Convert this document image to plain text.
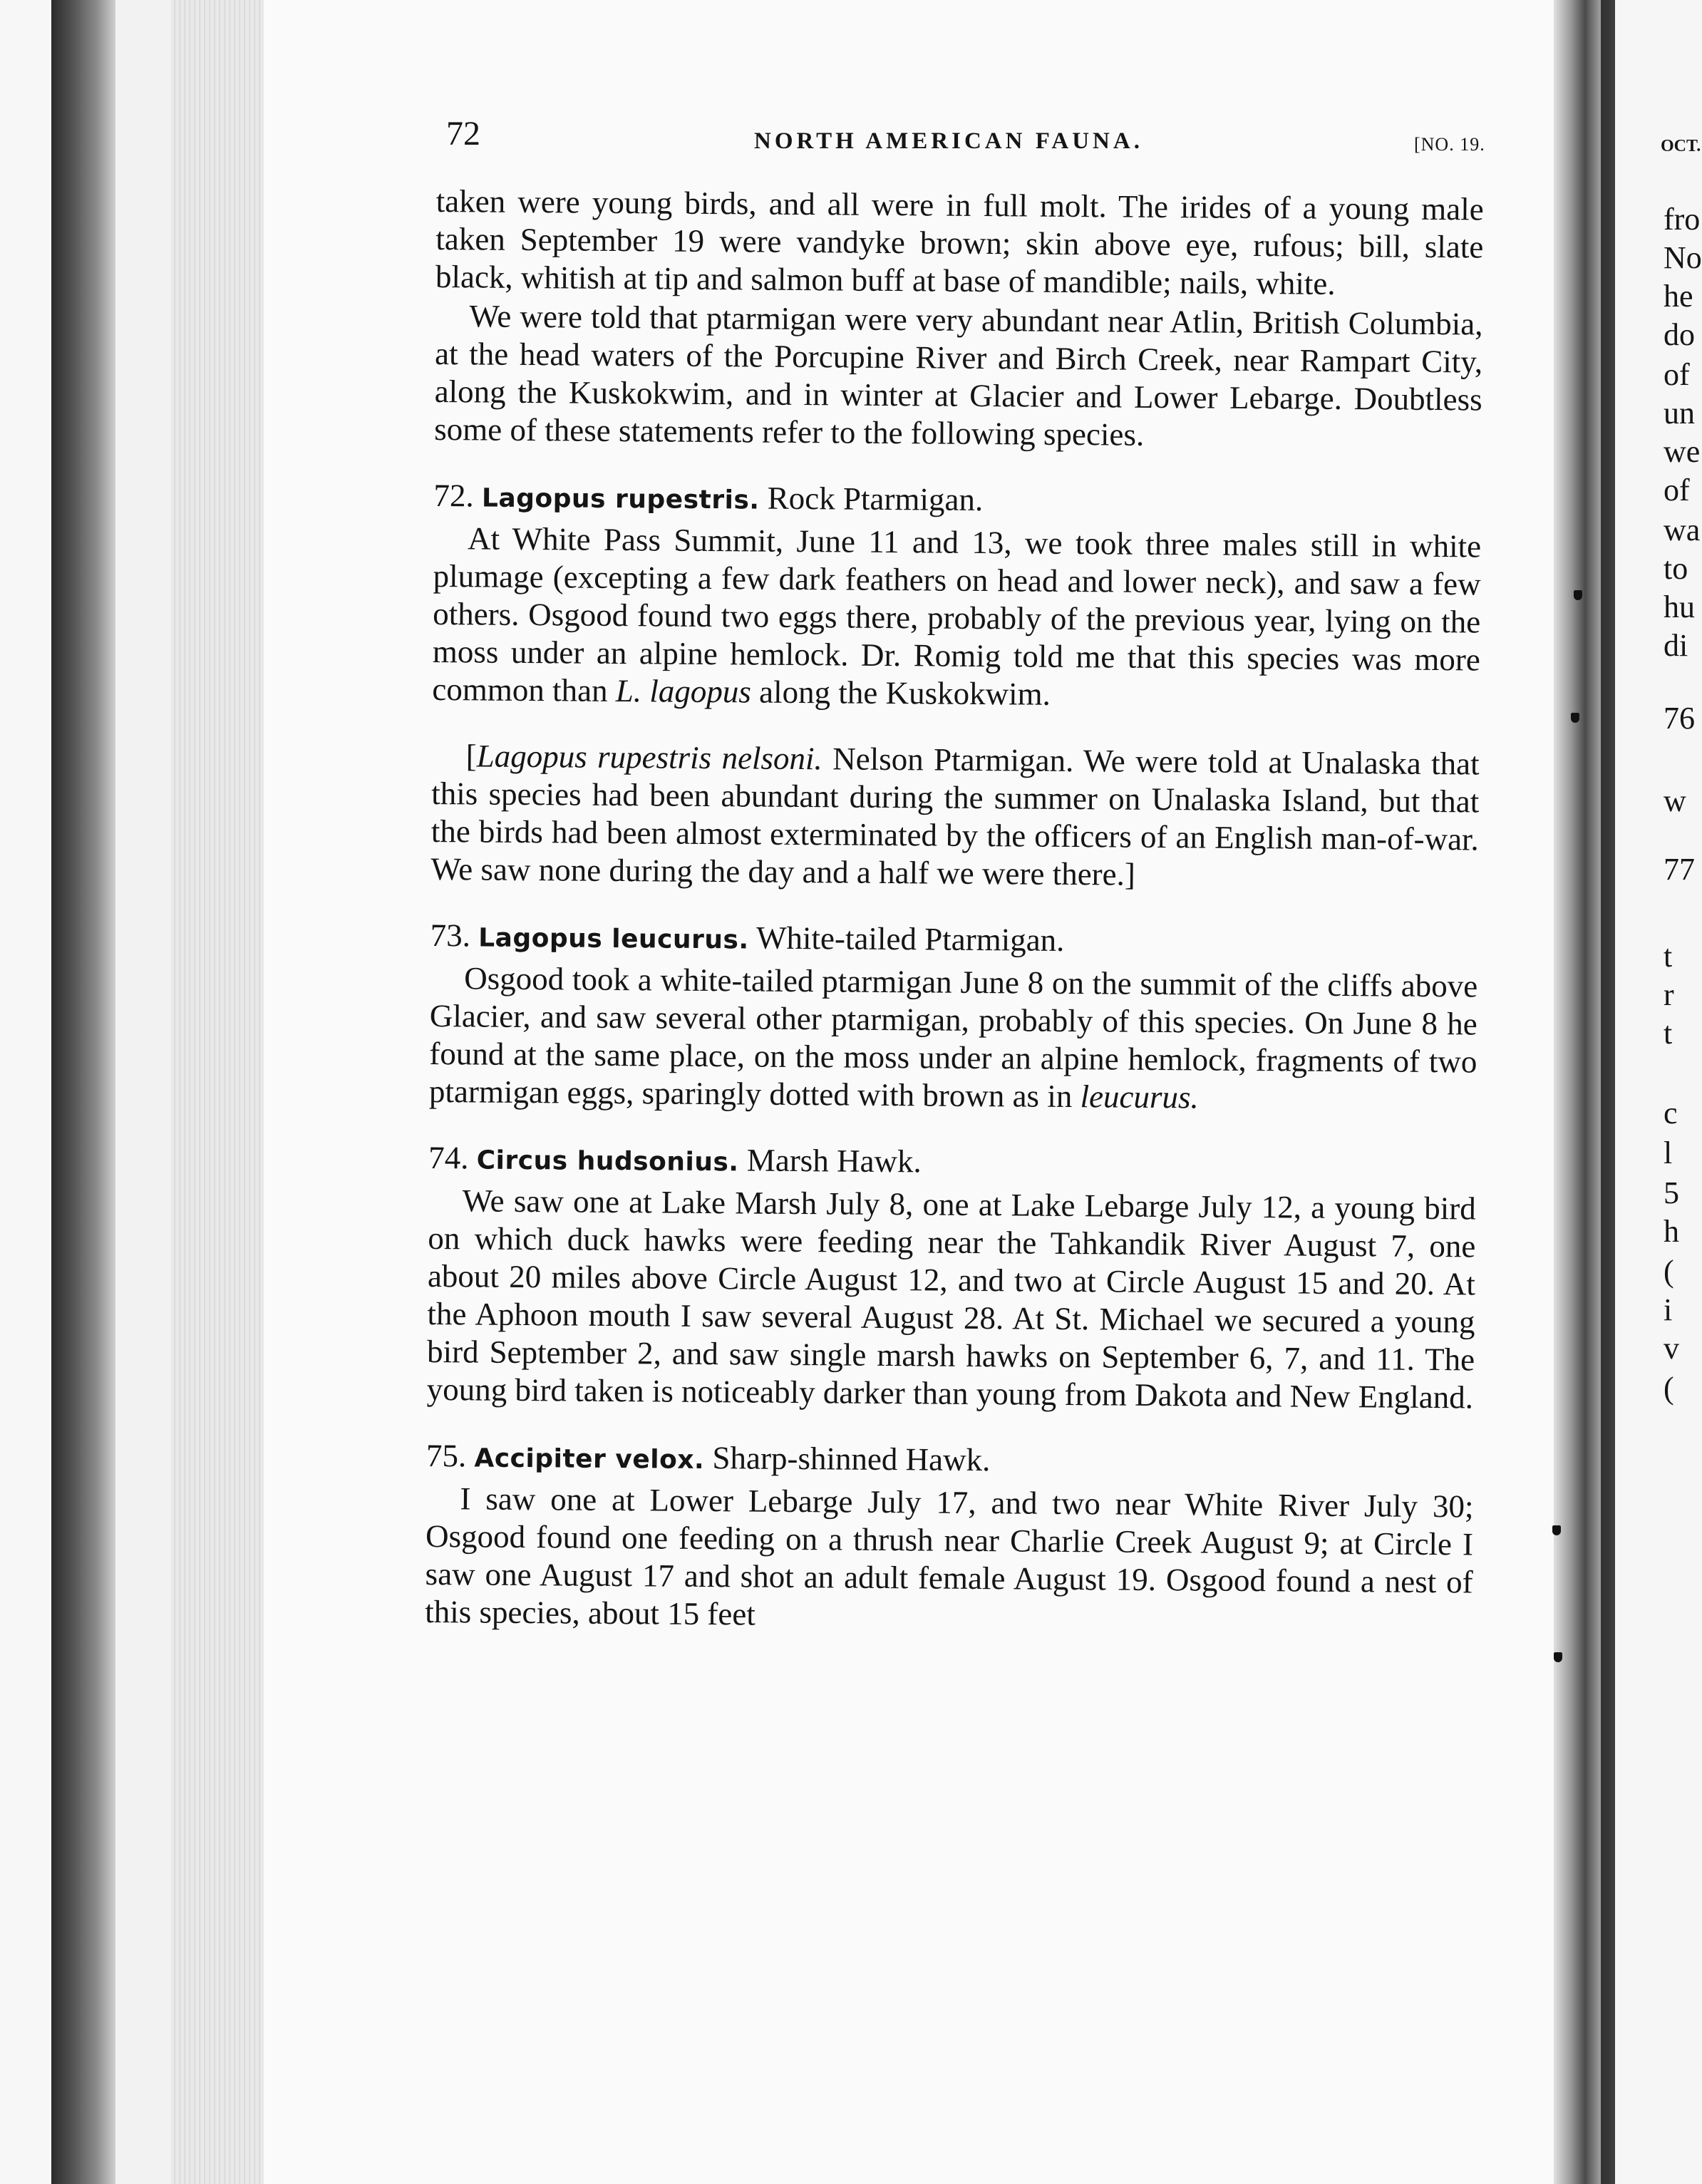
72	NORTH AMERICAN FAUNA.	[NO. 19.	OCT.

taken were young birds, and all were in full molt. The irides of a young male taken September 19 were vandyke brown; skin above eye, rufous; bill, slate black, whitish at tip and salmon buff at base of mandible; nails, white.

We were told that ptarmigan were very abundant near Atlin, British Columbia, at the head waters of the Porcupine River and Birch Creek, near Rampart City, along the Kuskokwim, and in winter at Glacier and Lower Lebarge. Doubtless some of these statements refer to the following species.

72. Lagopus rupestris. Rock Ptarmigan.

At White Pass Summit, June 11 and 13, we took three males still in white plumage (excepting a few dark feathers on head and lower neck), and saw a few others. Osgood found two eggs there, probably of the previous year, lying on the moss under an alpine hemlock. Dr. Romig told me that this species was more common than L. lagopus along the Kuskokwim.

[Lagopus rupestris nelsoni. Nelson Ptarmigan. We were told at Unalaska that this species had been abundant during the summer on Unalaska Island, but that the birds had been almost exterminated by the officers of an English man-of-war. We saw none during the day and a half we were there.]

73. Lagopus leucurus. White-tailed Ptarmigan.

Osgood took a white-tailed ptarmigan June 8 on the summit of the cliffs above Glacier, and saw several other ptarmigan, probably of this species. On June 8 he found at the same place, on the moss under an alpine hemlock, fragments of two ptarmigan eggs, sparingly dotted with brown as in leucurus.

74. Circus hudsonius. Marsh Hawk.

We saw one at Lake Marsh July 8, one at Lake Lebarge July 12, a young bird on which duck hawks were feeding near the Tahkandik River August 7, one about 20 miles above Circle August 12, and two at Circle August 15 and 20. At the Aphoon mouth I saw several August 28. At St. Michael we secured a young bird September 2, and saw single marsh hawks on September 6, 7, and 11. The young bird taken is noticeably darker than young from Dakota and New England.

75. Accipiter velox. Sharp-shinned Hawk.

I saw one at Lower Lebarge July 17, and two near White River July 30; Osgood found one feeding on a thrush near Charlie Creek August 9; at Circle I saw one August 17 and shot an adult female August 19. Osgood found a nest of this species, about 15 feet

fro
No
he
do
of
un
we
of
wa
to
hu
di
76
w
77
t
r
t
c
l
5
h
(
i
v
(
